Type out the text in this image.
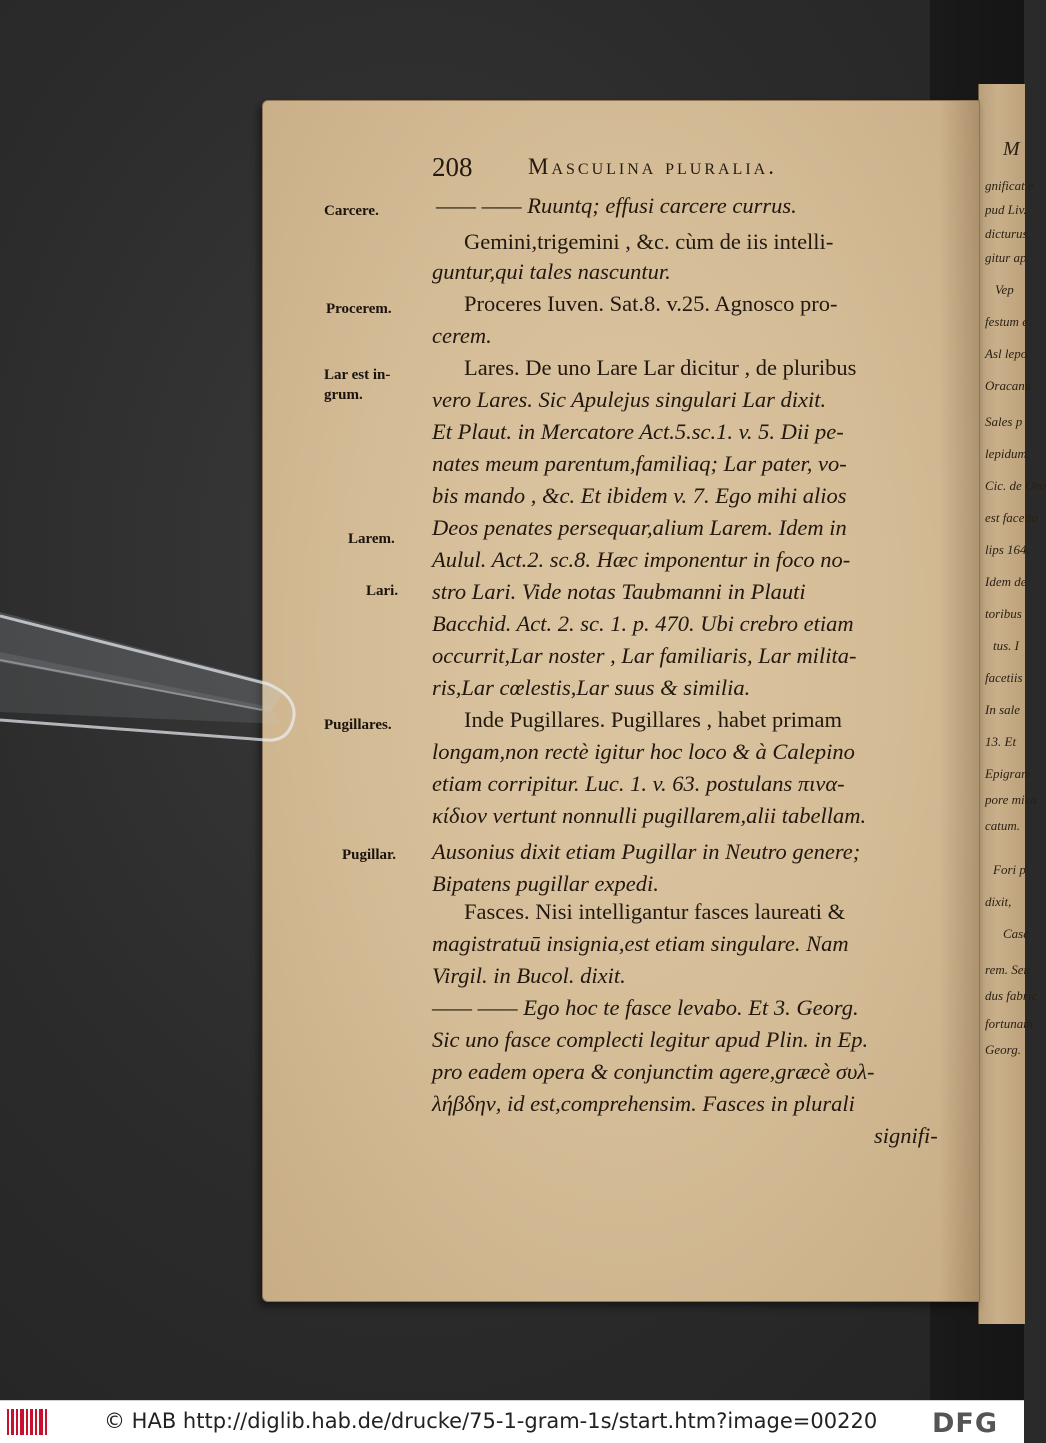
M
gnificat e
pud Liv.
dicturus,
gitur ap
Vep
festum e
Asl lepo
Oracanu
Sales p
lepidum.
Cic. de Ora
est facetia
lips 164.
Idem de
toribus
tus. I
facetiis
In sale
13. Et
Epigram
pore mica
catum.
Fori p
dixit,
Casc
rem. Sen
dus fabric
fortunam
Georg.
208 Masculina pluralia.
Carcere.
Procerem.
Lar est in-
grum.
Larem.
Lari.
Pugillares.
Pugillar.
—— —— Ruuntq; effusi carcere currus.
Gemini,trigemini , &c. cùm de iis intelli-
guntur,qui tales nascuntur.
Proceres Iuven. Sat.8. v.25. Agnosco pro-
cerem.
Lares. De uno Lare Lar dicitur , de pluribus
vero Lares. Sic Apulejus singulari Lar dixit.
Et Plaut. in Mercatore Act.5.sc.1. v. 5. Dii pe-
nates meum parentum,familiaq; Lar pater, vo-
bis mando , &c. Et ibidem v. 7. Ego mihi alios
Deos penates persequar,alium Larem. Idem in
Aulul. Act.2. sc.8. Hæc imponentur in foco no-
stro Lari. Vide notas Taubmanni in Plauti
Bacchid. Act. 2. sc. 1. p. 470. Ubi crebro etiam
occurrit,Lar noster , Lar familiaris, Lar milita-
ris,Lar cœlestis,Lar suus & similia.
Inde Pugillares. Pugillares , habet primam
longam,non rectè igitur hoc loco & à Calepino
etiam corripitur. Luc. 1. v. 63. postulans πινα-
κίδιον vertunt nonnulli pugillarem,alii tabellam.
Ausonius dixit etiam Pugillar in Neutro genere;
Bipatens pugillar expedi.
Fasces. Nisi intelligantur fasces laureati &
magistratuū insignia,est etiam singulare. Nam
Virgil. in Bucol. dixit.
—— —— Ego hoc te fasce levabo. Et 3. Georg.
Sic uno fasce complecti legitur apud Plin. in Ep.
pro eadem opera & conjunctim agere,græcè συλ-
λήβδην, id est,comprehensim. Fasces in plurali
signifi-
© HAB http://diglib.hab.de/drucke/75-1-gram-1s/start.htm?image=00220 DFG
